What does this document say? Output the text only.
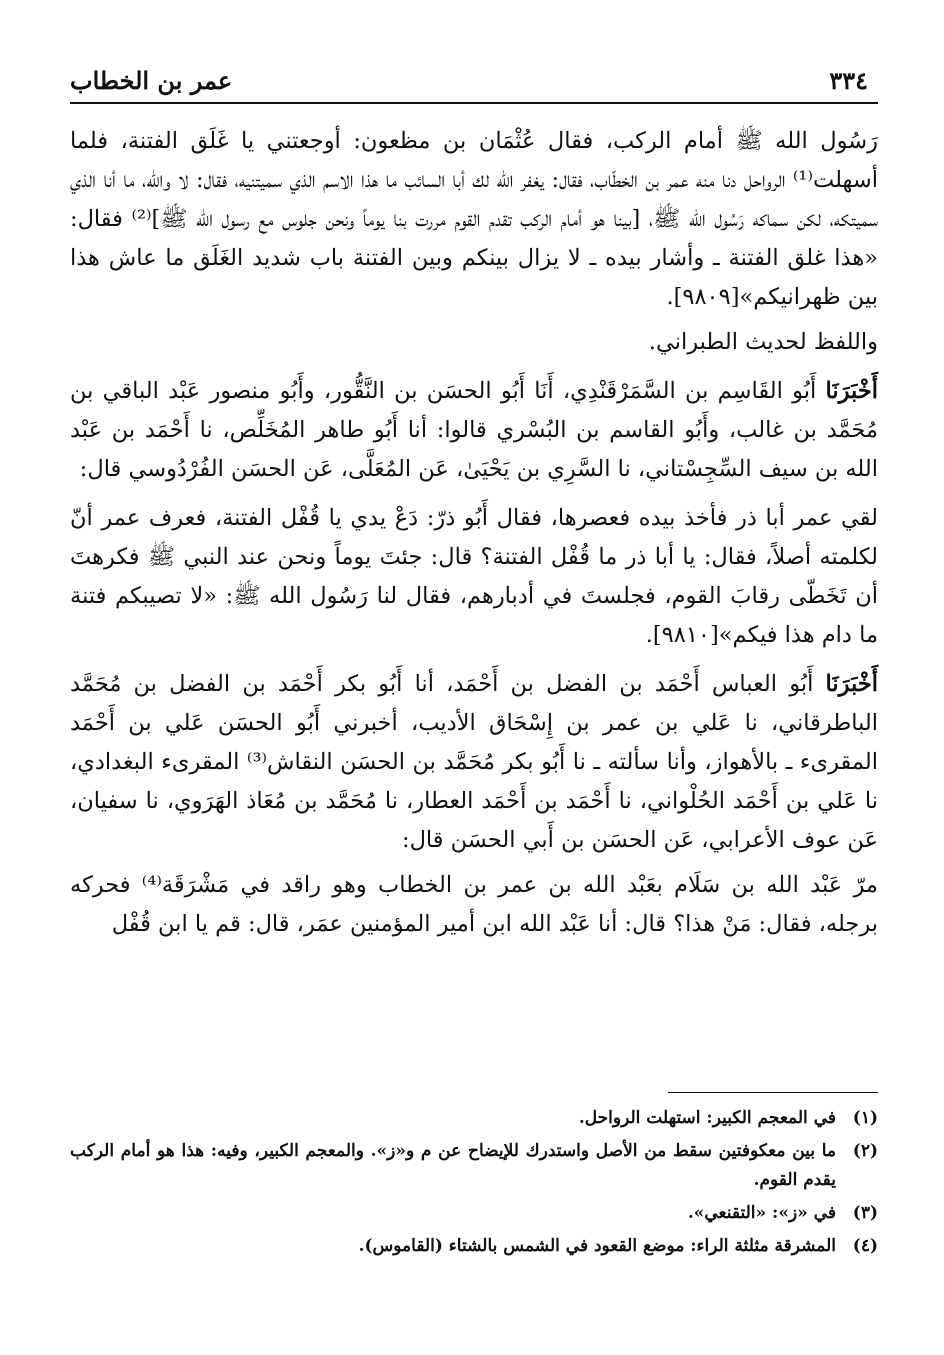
٣٣٤
عمر بن الخطاب

رَسُول الله ﷺ أمام الركب، فقال عُثْمَان بن مظعون: أوجعتني يا غَلَق الفتنة، فلما أسهلت⁽¹⁾ الرواحل دنا منه عمر بن الخطّاب، فقال: يغفر الله لك أبا السائب ما هذا الاسم الذي سميتنيه، فقال: لا والله، ما أنا الذي سميتكه، لكن سماكه رَسُول الله ﷺ، [بينا هو أمام الركب تقدم القوم مررت بنا يوماً ونحن جلوس مع رسول الله ﷺ]⁽²⁾ فقال: «هذا غلق الفتنة ـ وأشار بيده ـ لا يزال بينكم وبين الفتنة باب شديد الغَلَق ما عاش هذا بين ظهرانيكم»[٩٨٠٩].

واللفظ لحديث الطبراني.

أَخْبَرَنَا أَبُو القَاسِم بن السَّمَرْقَنْدِي، أَنَا أَبُو الحسَن بن النَّقُّور، وأَبُو منصور عَبْد الباقي بن مُحَمَّد بن غالب، وأَبُو القاسم بن البُسْري قالوا: أنا أَبُو طاهر المُخَلِّص، نا أَحْمَد بن عَبْد الله بن سيف السِّجِسْتاني، نا السَّرِي بن يَحْيَىٰ، عَن المُعَلَّى، عَن الحسَن الفُرْدُوسي قال:

لقي عمر أبا ذر فأخذ بيده فعصرها، فقال أَبُو ذرّ: دَعْ يدي يا قُفْل الفتنة، فعرف عمر أنّ لكلمته أصلاً، فقال: يا أبا ذر ما قُفْل الفتنة؟ قال: جئتَ يوماً ونحن عند النبي ﷺ فكرهتَ أن تَخَطّى رقابَ القوم، فجلستَ في أدبارهم، فقال لنا رَسُول الله ﷺ: «لا تصيبكم فتنة ما دام هذا فيكم»[٩٨١٠].

أَخْبَرَنَا أَبُو العباس أَحْمَد بن الفضل بن أَحْمَد، أنا أَبُو بكر أَحْمَد بن الفضل بن مُحَمَّد الباطرقاني، نا عَلي بن عمر بن إِسْحَاق الأديب، أخبرني أَبُو الحسَن عَلي بن أَحْمَد المقرىء ـ بالأهواز، وأنا سألته ـ نا أَبُو بكر مُحَمَّد بن الحسَن النقاش⁽³⁾ المقرىء البغدادي، نا عَلي بن أَحْمَد الحُلْواني، نا أَحْمَد بن أَحْمَد العطار، نا مُحَمَّد بن مُعَاذ الهَرَوي، نا سفيان، عَن عوف الأعرابي، عَن الحسَن بن أَبي الحسَن قال:

مرّ عَبْد الله بن سَلَام بعَبْد الله بن عمر بن الخطاب وهو راقد في مَشْرَقَة⁽⁴⁾ فحركه برجله، فقال: مَنْ هذا؟ قال: أنا عَبْد الله ابن أمير المؤمنين عمَر، قال: قم يا ابن قُفْل

(١)
في المعجم الكبير: استهلت الرواحل.
(٢)
ما بين معكوفتين سقط من الأصل واستدرك للإيضاح عن م و«ز». والمعجم الكبير، وفيه: هذا هو أمام الركب يقدم القوم.
(٣)
في «ز»: «التقنعي».
(٤)
المشرقة مثلثة الراء: موضع القعود في الشمس بالشتاء (القاموس).
